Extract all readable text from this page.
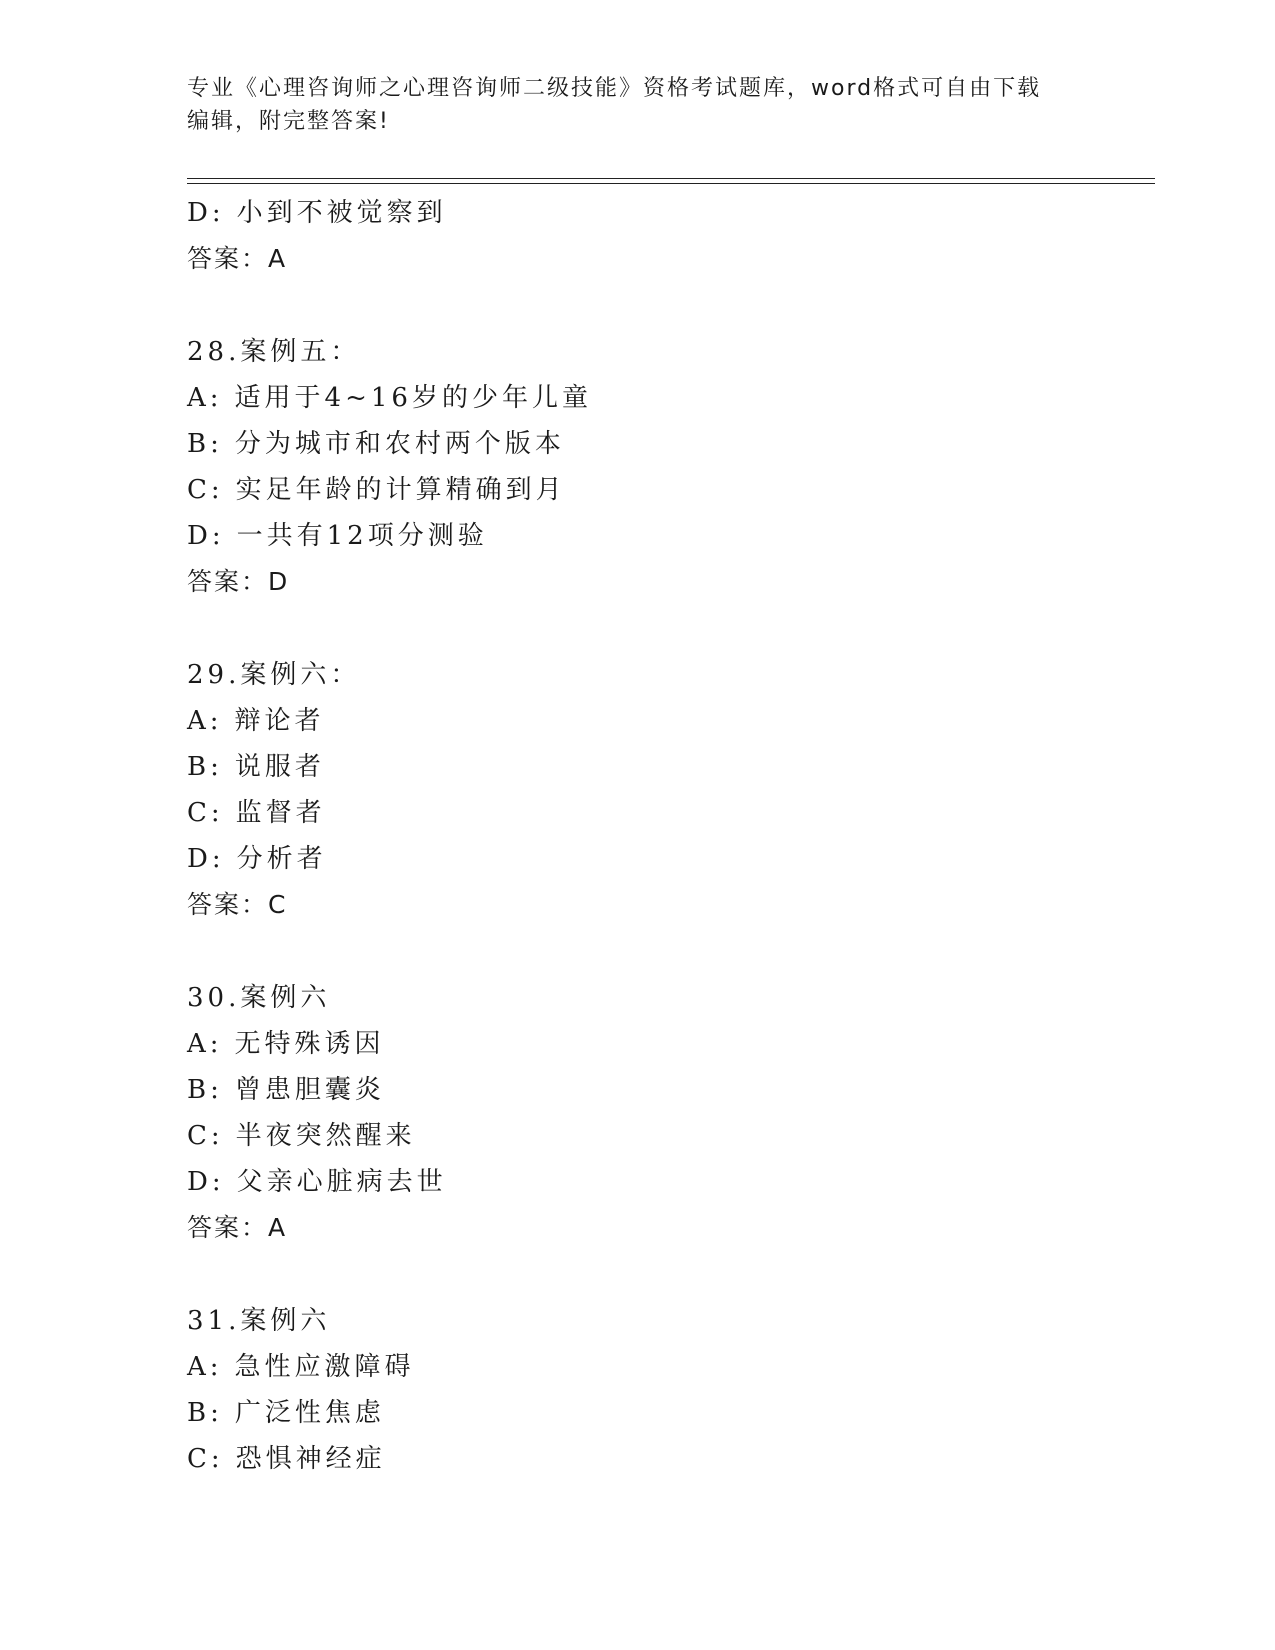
专业《心理咨询师之心理咨询师二级技能》资格考试题库，word格式可自由下载
编辑，附完整答案!
D: 小到不被觉察到
答案：A
28.案例五：
A: 适用于4~16岁的少年儿童
B: 分为城市和农村两个版本
C: 实足年龄的计算精确到月
D: 一共有12项分测验
答案：D
29.案例六：
A: 辩论者
B: 说服者
C: 监督者
D: 分析者
答案：C
30.案例六
A: 无特殊诱因
B: 曾患胆囊炎
C: 半夜突然醒来
D: 父亲心脏病去世
答案：A
31.案例六
A: 急性应激障碍
B: 广泛性焦虑
C: 恐惧神经症
